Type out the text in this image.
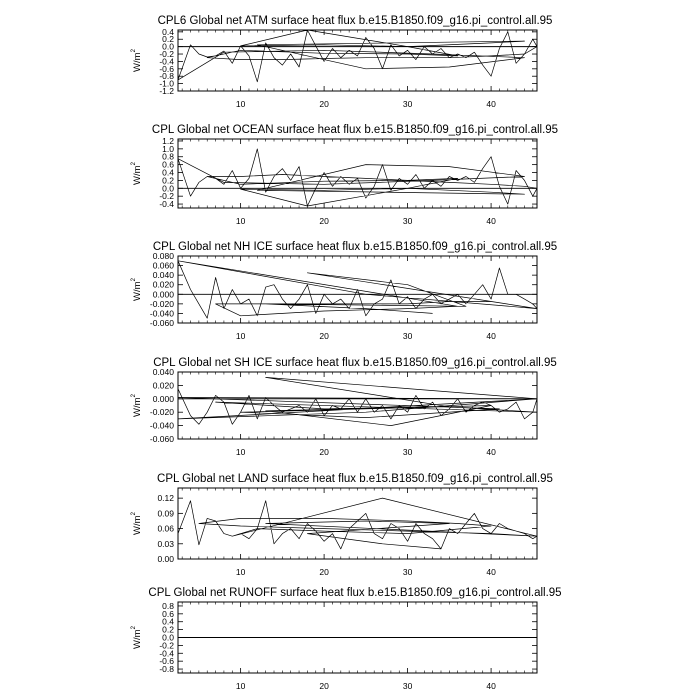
CPL6 Global net ATM surface heat flux b.e15.B1850.f09_g16.pi_control.all.95
0.4
0.2
0.0
-0.2
-0.4
-0.6
-0.8
-1.0
-1.2
10	20	30	40
$W/m^2$
CPL Global net OCEAN surface heat flux b.e15.B1850.f09_g16.pi_control.all.95
1.2
1.0
0.8
0.6
0.4
0.2
0.0
-0.2
-0.4
10	20	30	40
$W/m^2$
CPL Global net NH ICE surface heat flux b.e15.B1850.f09_g16.pi_control.all.95
0.080
0.060
0.040
0.020
0.000
-0.020
-0.040
-0.060
10	20	30	40
$W/m^2$
CPL Global net SH ICE surface heat flux b.e15.B1850.f09_g16.pi_control.all.95
0.040
0.020
0.000
-0.020
-0.040
-0.060
10	20	30	40
$W/m^2$
CPL Global net LAND surface heat flux b.e15.B1850.f09_g16.pi_control.all.95
0.12
0.09
0.06
0.03
0.00
10	20	30	40
$W/m^2$
CPL Global net RUNOFF surface heat flux b.e15.B1850.f09_g16.pi_control.all.95
0.8
0.6
0.4
0.2
0.0
-0.2
-0.4
-0.6
-0.8
10	20	30	40
$W/m^2$
